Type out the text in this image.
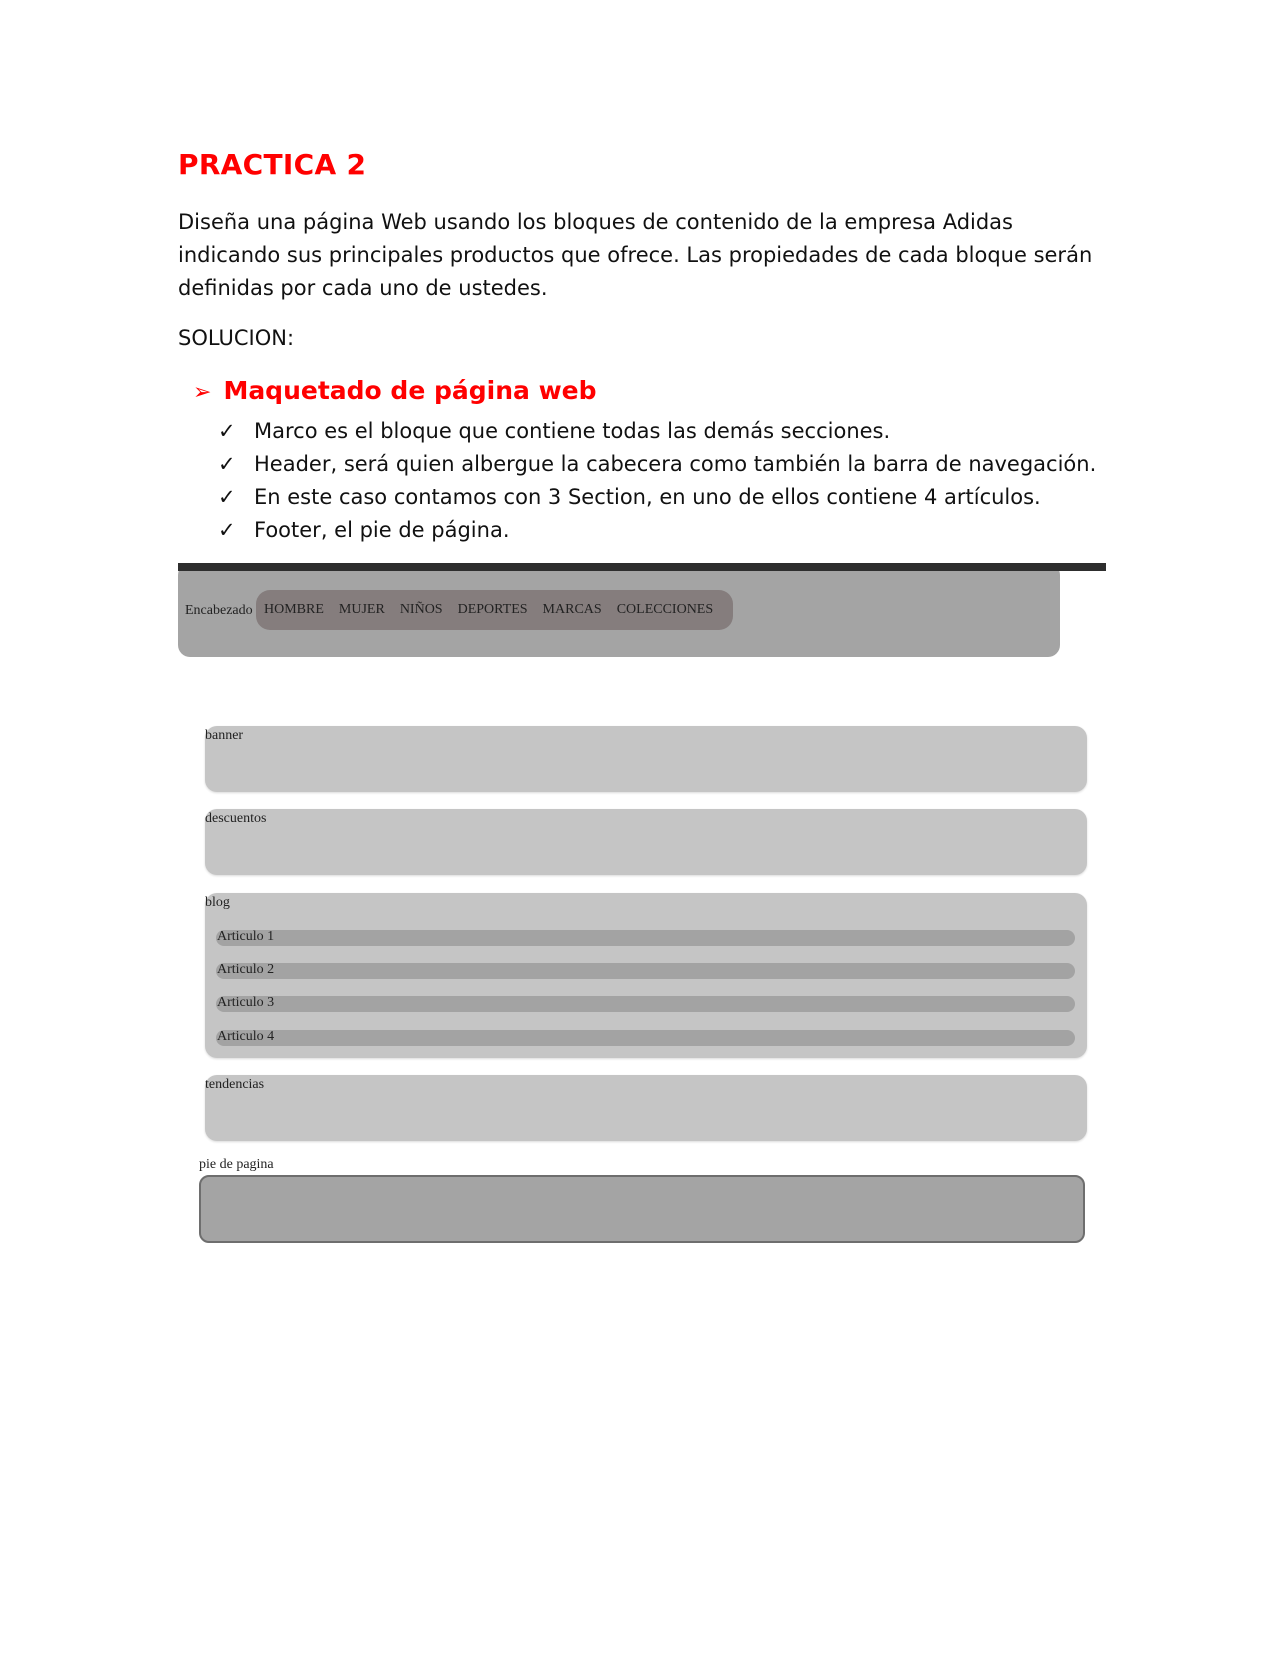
PRACTICA 2
Diseña una página Web usando los bloques de contenido de la empresa Adidas indicando sus principales productos que ofrece. Las propiedades de cada bloque serán definidas por cada uno de ustedes.
SOLUCION:
➢ Maquetado de página web
✓ Marco es el bloque que contiene todas las demás secciones.
✓ Header, será quien albergue la cabecera como también la barra de navegación.
✓ En este caso contamos con 3 Section, en uno de ellos contiene 4 artículos.
✓ Footer, el pie de página.
Encabezado HOMBRE MUJER NIÑOS DEPORTES MARCAS COLECCIONES
banner
descuentos
blog
Articulo 1
Articulo 2
Articulo 3
Articulo 4
tendencias
pie de pagina
